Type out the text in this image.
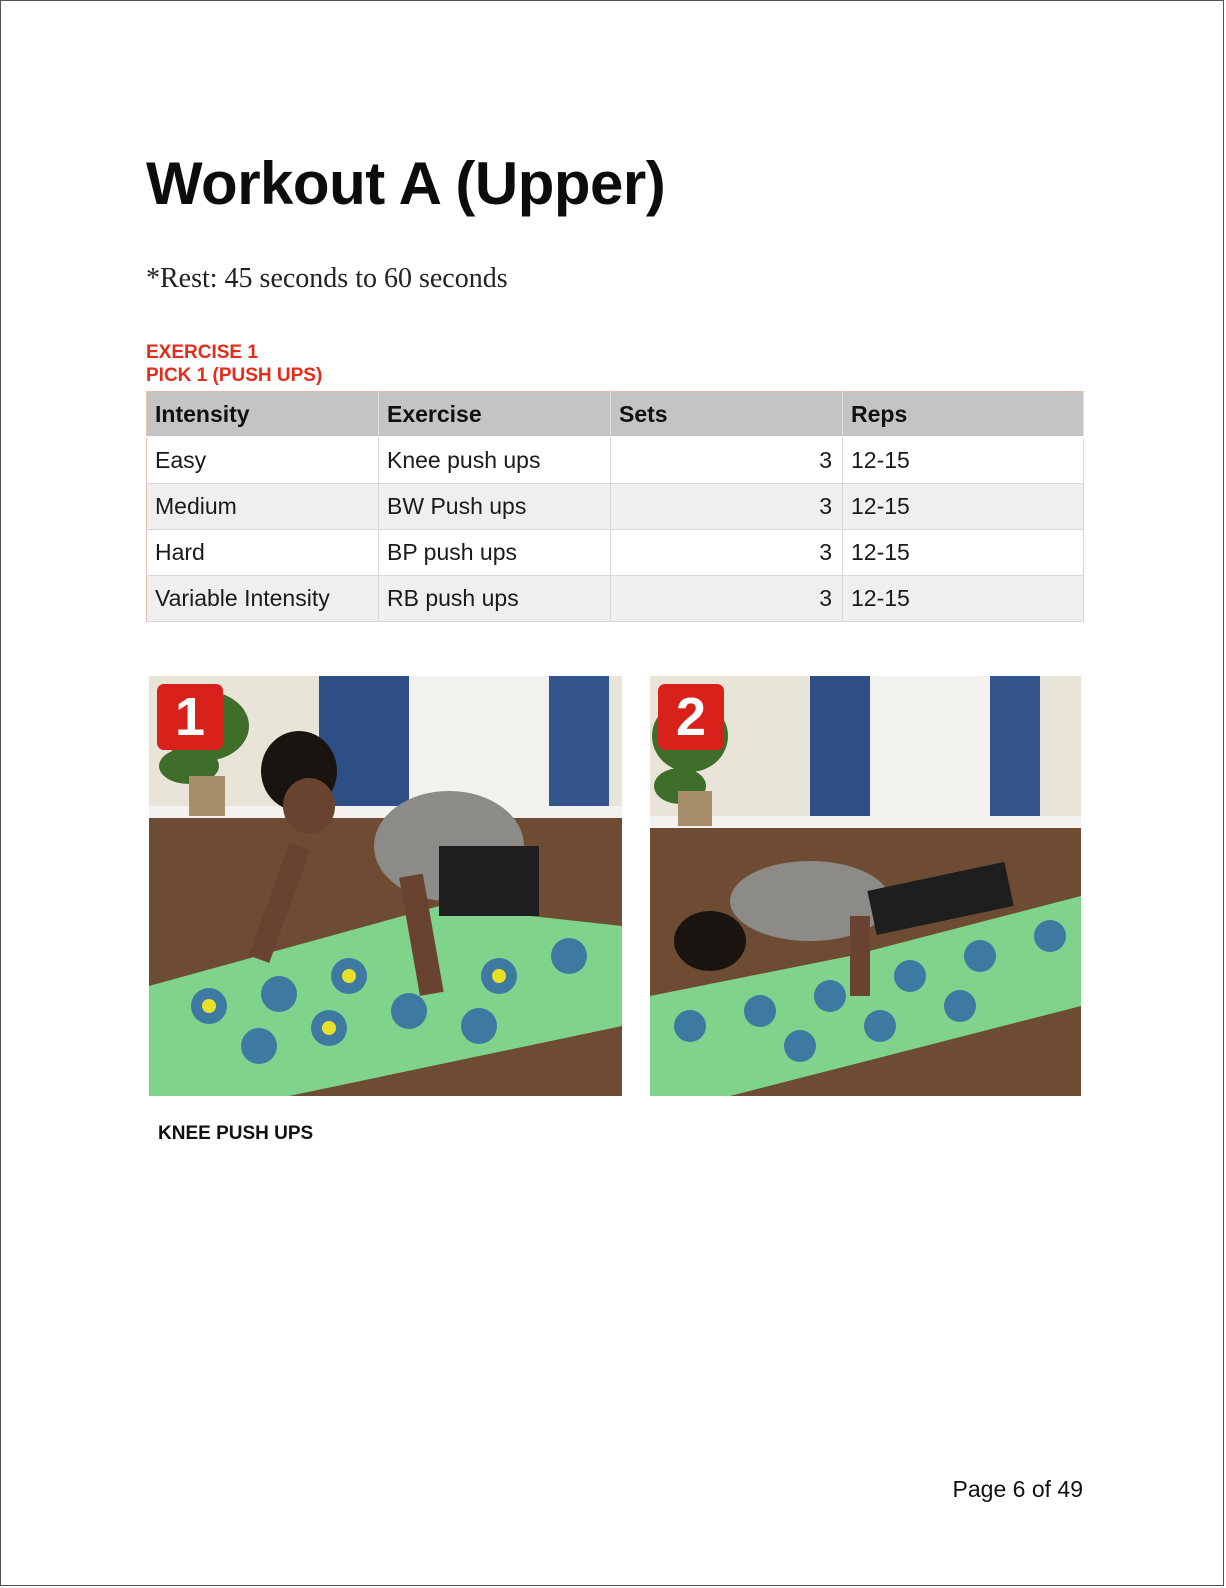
Workout A (Upper)
*Rest: 45 seconds to 60 seconds
EXERCISE 1
PICK 1 (PUSH UPS)
Intensity	Exercise	Sets	Reps
Easy	Knee push ups	3	12-15
Medium	BW Push ups	3	12-15
Hard	BP push ups	3	12-15
Variable Intensity	RB push ups	3	12-15
1	2
KNEE PUSH UPS
Page 6 of 49
